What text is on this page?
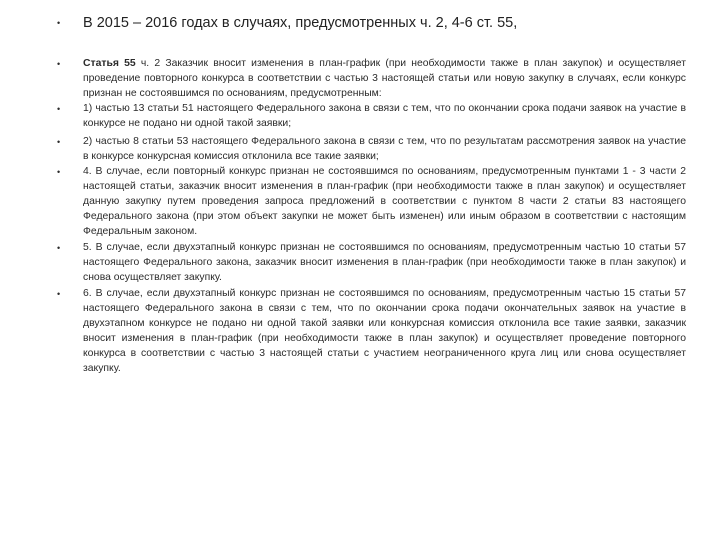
• В 2015 – 2016 годах в случаях, предусмотренных ч. 2, 4-6 ст. 55,
• Статья 55 ч. 2 Заказчик вносит изменения в план-график (при необходимости также в план закупок) и осуществляет проведение повторного конкурса в соответствии с частью 3 настоящей статьи или новую закупку в случаях, если конкурс признан не состоявшимся по основаниям, предусмотренным:
• 1) частью 13 статьи 51 настоящего Федерального закона в связи с тем, что по окончании срока подачи заявок на участие в конкурсе не подано ни одной такой заявки;
• 2) частью 8 статьи 53 настоящего Федерального закона в связи с тем, что по результатам рассмотрения заявок на участие в конкурсе конкурсная комиссия отклонила все такие заявки;
• 4. В случае, если повторный конкурс признан не состоявшимся по основаниям, предусмотренным пунктами 1 - 3 части 2 настоящей статьи, заказчик вносит изменения в план-график (при необходимости также в план закупок) и осуществляет данную закупку путем проведения запроса предложений в соответствии с пунктом 8 части 2 статьи 83 настоящего Федерального закона (при этом объект закупки не может быть изменен) или иным образом в соответствии с настоящим Федеральным законом.
• 5. В случае, если двухэтапный конкурс признан не состоявшимся по основаниям, предусмотренным частью 10 статьи 57 настоящего Федерального закона, заказчик вносит изменения в план-график (при необходимости также в план закупок) и снова осуществляет закупку.
• 6. В случае, если двухэтапный конкурс признан не состоявшимся по основаниям, предусмотренным частью 15 статьи 57 настоящего Федерального закона в связи с тем, что по окончании срока подачи окончательных заявок на участие в двухэтапном конкурсе не подано ни одной такой заявки или конкурсная комиссия отклонила все такие заявки, заказчик вносит изменения в план-график (при необходимости также в план закупок) и осуществляет проведение повторного конкурса в соответствии с частью 3 настоящей статьи с участием неограниченного круга лиц или снова осуществляет закупку.
